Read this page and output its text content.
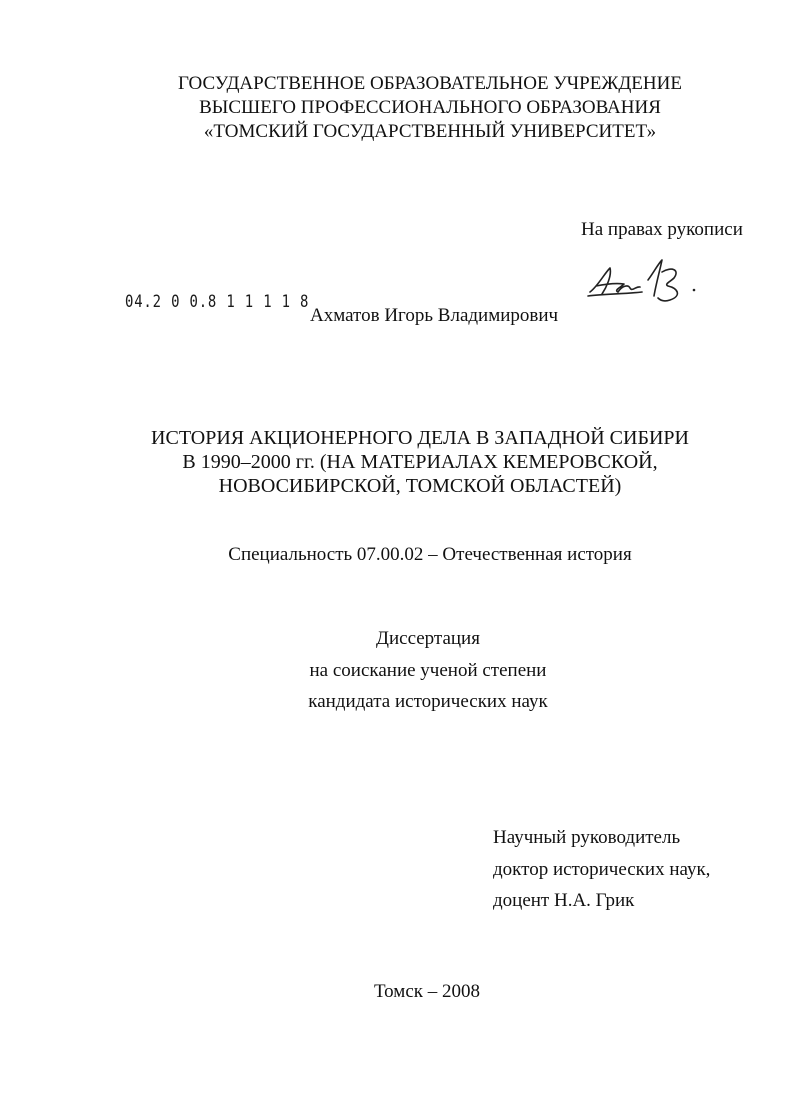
ГОСУДАРСТВЕННОЕ ОБРАЗОВАТЕЛЬНОЕ УЧРЕЖДЕНИЕ
ВЫСШЕГО ПРОФЕССИОНАЛЬНОГО ОБРАЗОВАНИЯ
«ТОМСКИЙ ГОСУДАРСТВЕННЫЙ УНИВЕРСИТЕТ»
На правах рукописи
04.2 0 0.8 1 1 1 1 8
Ахматов Игорь Владимирович
ИСТОРИЯ АКЦИОНЕРНОГО ДЕЛА В ЗАПАДНОЙ СИБИРИ
В 1990–2000 гг. (НА МАТЕРИАЛАХ КЕМЕРОВСКОЙ,
НОВОСИБИРСКОЙ, ТОМСКОЙ ОБЛАСТЕЙ)
Специальность 07.00.02 – Отечественная история
Диссертация
на соискание ученой степени
кандидата исторических наук
Научный руководитель
доктор исторических наук,
доцент Н.А. Грик
Томск – 2008
